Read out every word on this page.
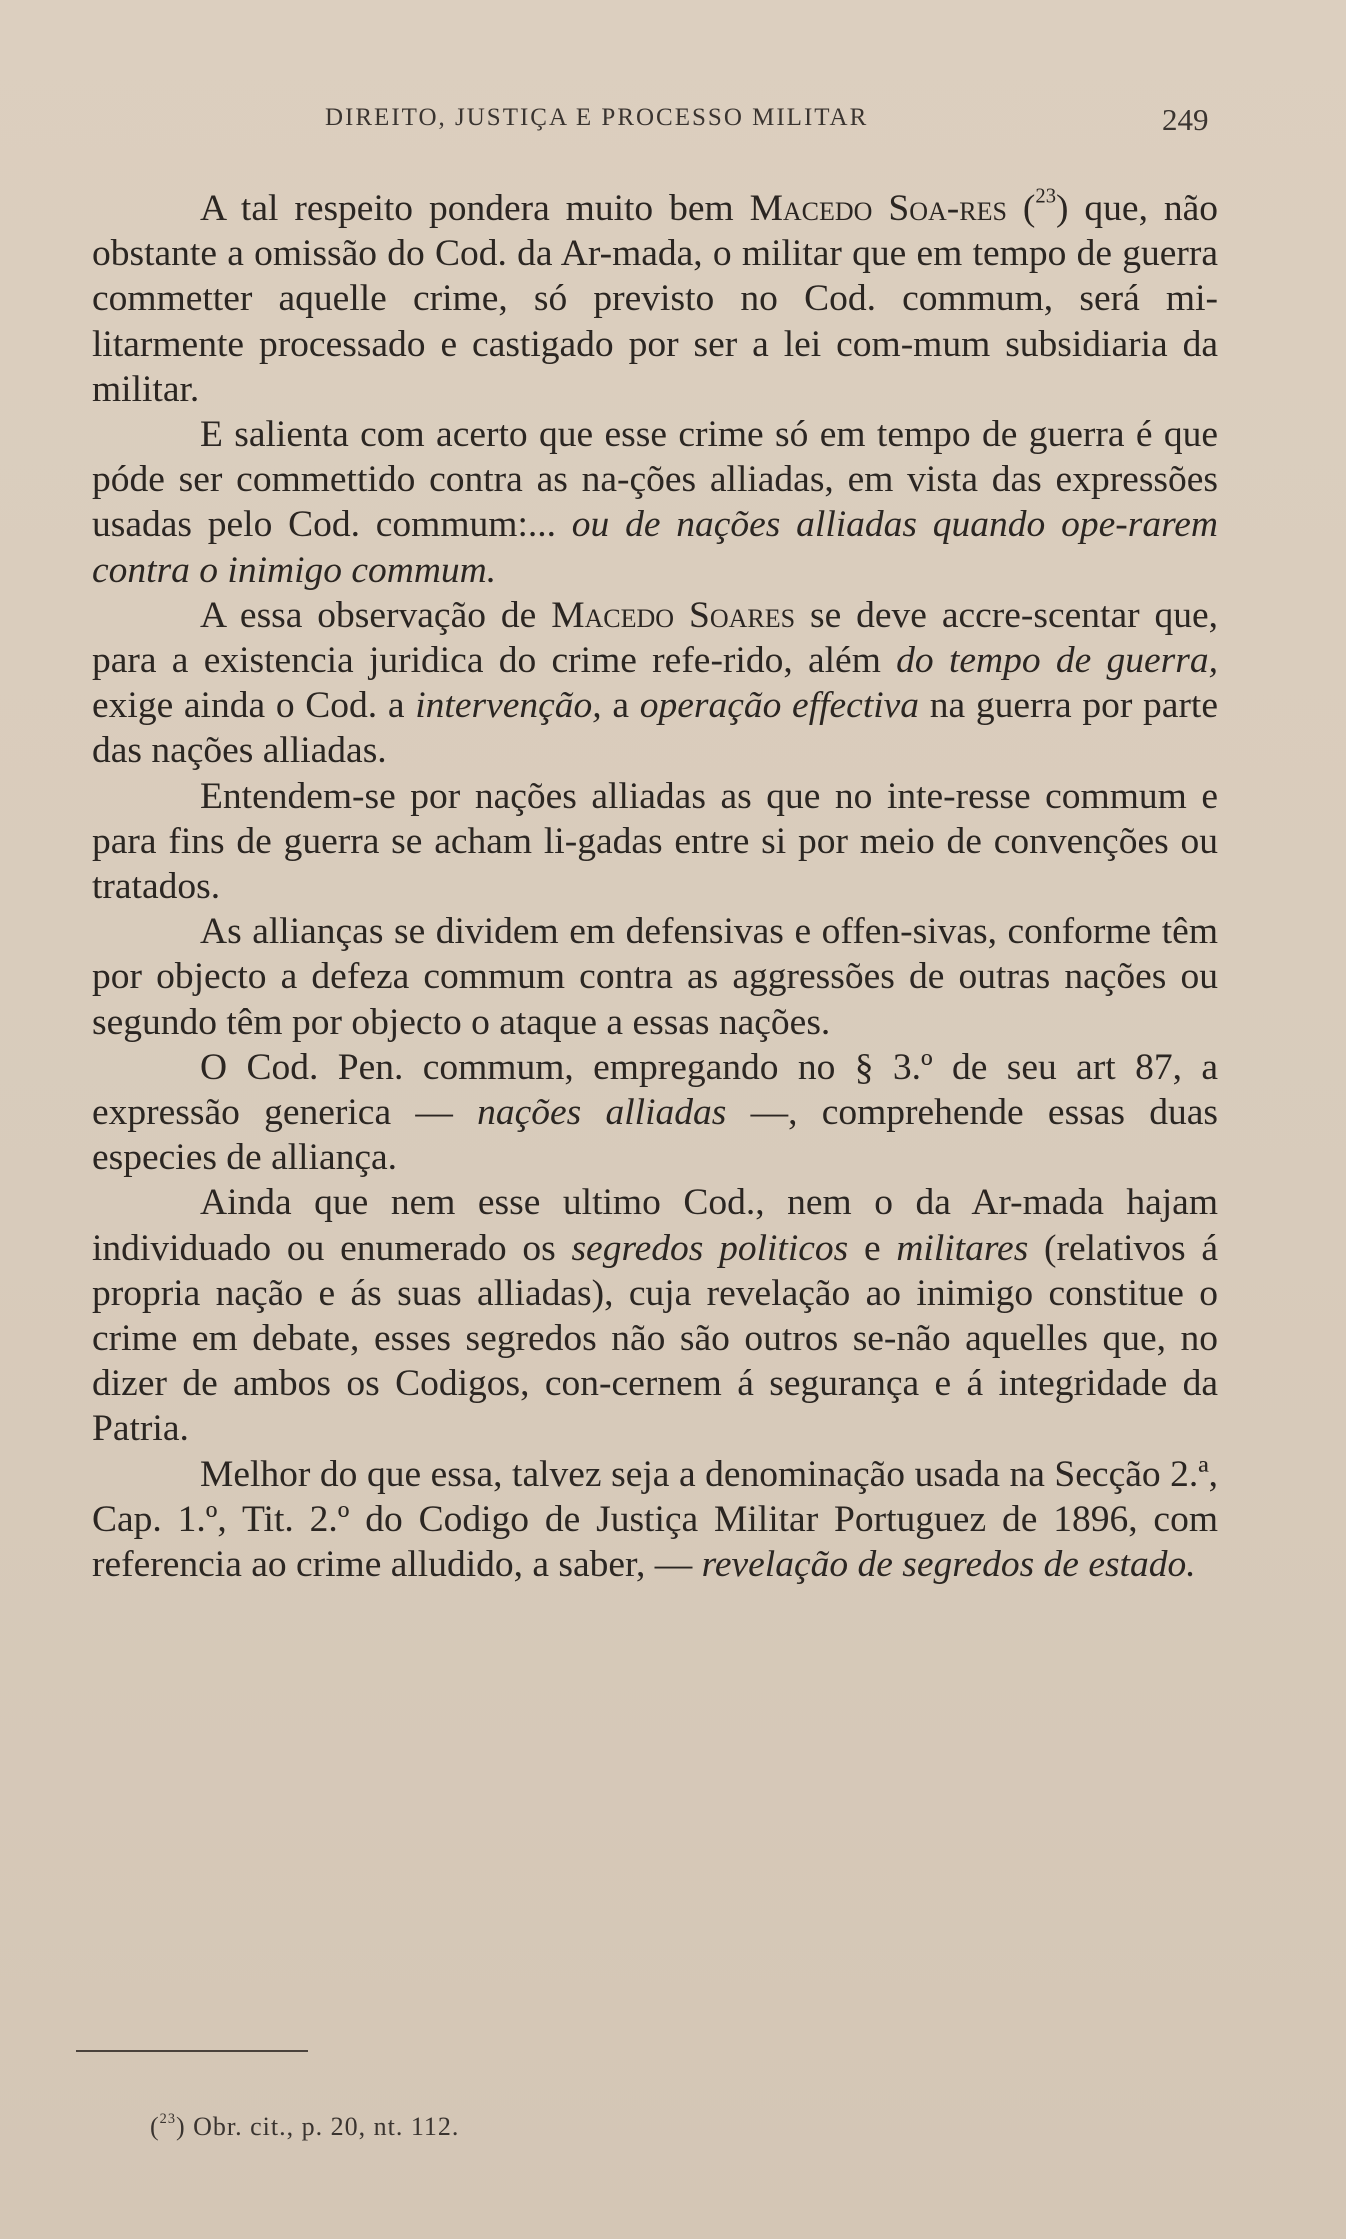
DIREITO, JUSTIÇA E PROCESSO MILITAR	249

A tal respeito pondera muito bem Macedo Soa-res ($^{23}$) que, não obstante a omissão do Cod. da Ar-mada, o militar que em tempo de guerra commetter aquelle crime, só previsto no Cod. commum, será mi-litarmente processado e castigado por ser a lei com-mum subsidiaria da militar.

E salienta com acerto que esse crime só em tempo de guerra é que póde ser commettido contra as na-ções alliadas, em vista das expressões usadas pelo Cod. commum:... ou de nações alliadas quando ope-rarem contra o inimigo commum.

A essa observação de Macedo Soares se deve accre-scentar que, para a existencia juridica do crime refe-rido, além do tempo de guerra, exige ainda o Cod. a intervenção, a operação effectiva na guerra por parte das nações alliadas.

Entendem-se por nações alliadas as que no inte-resse commum e para fins de guerra se acham li-gadas entre si por meio de convenções ou tratados.

As allianças se dividem em defensivas e offen-sivas, conforme têm por objecto a defeza commum contra as aggressões de outras nações ou segundo têm por objecto o ataque a essas nações.

O Cod. Pen. commum, empregando no § 3.º de seu art 87, a expressão generica — nações alliadas —, comprehende essas duas especies de alliança.

Ainda que nem esse ultimo Cod., nem o da Ar-mada hajam individuado ou enumerado os segredos politicos e militares (relativos á propria nação e ás suas alliadas), cuja revelação ao inimigo constitue o crime em debate, esses segredos não são outros se-não aquelles que, no dizer de ambos os Codigos, con-cernem á segurança e á integridade da Patria.

Melhor do que essa, talvez seja a denominação usada na Secção 2.ª, Cap. 1.º, Tit. 2.º do Codigo de Justiça Militar Portuguez de 1896, com referencia ao crime alludido, a saber, — revelação de segredos de estado.

($^{23}$) Obr. cit., p. 20, nt. 112.
